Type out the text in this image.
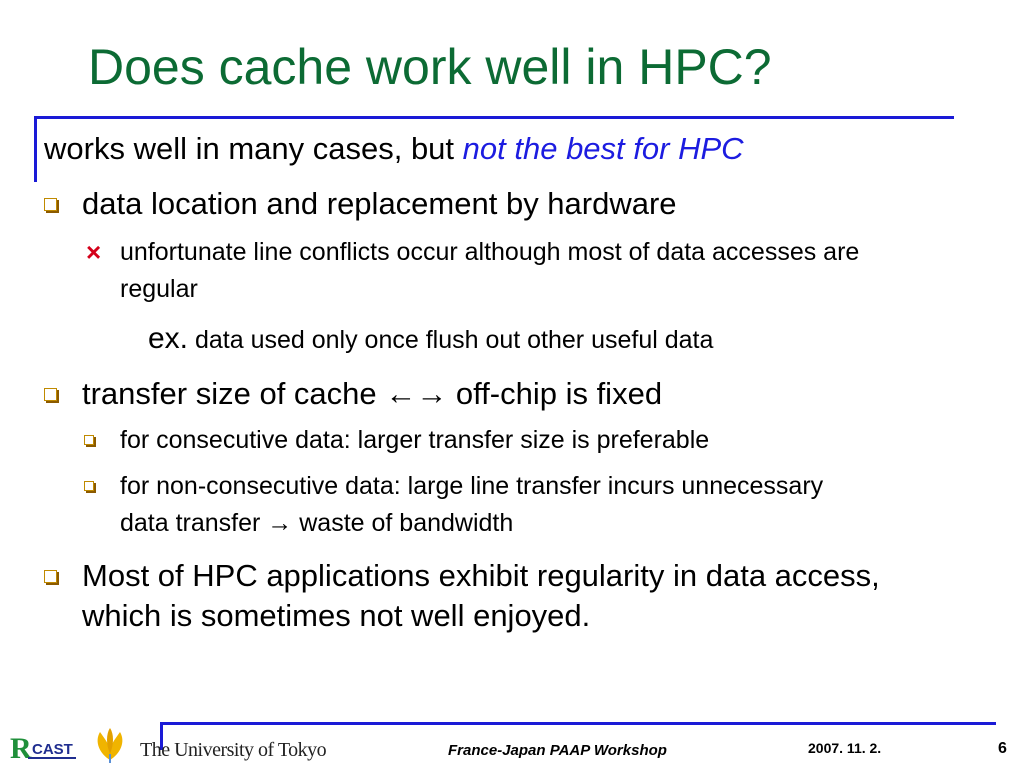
Does cache work well in HPC?
works well in many cases, but not the best for HPC
data location and replacement by hardware
× unfortunate line conflicts occur although most of data accesses are regular
ex. data used only once flush out other useful data
transfer size of cache ←→ off-chip is fixed
for consecutive data: larger transfer size is preferable
for non-consecutive data: large line transfer incurs unnecessary data transfer → waste of bandwidth
Most of HPC applications exhibit regularity in data access, which is sometimes not well enjoyed.
R CAST	The University of Tokyo	France-Japan PAAP Workshop	2007. 11. 2.	6
